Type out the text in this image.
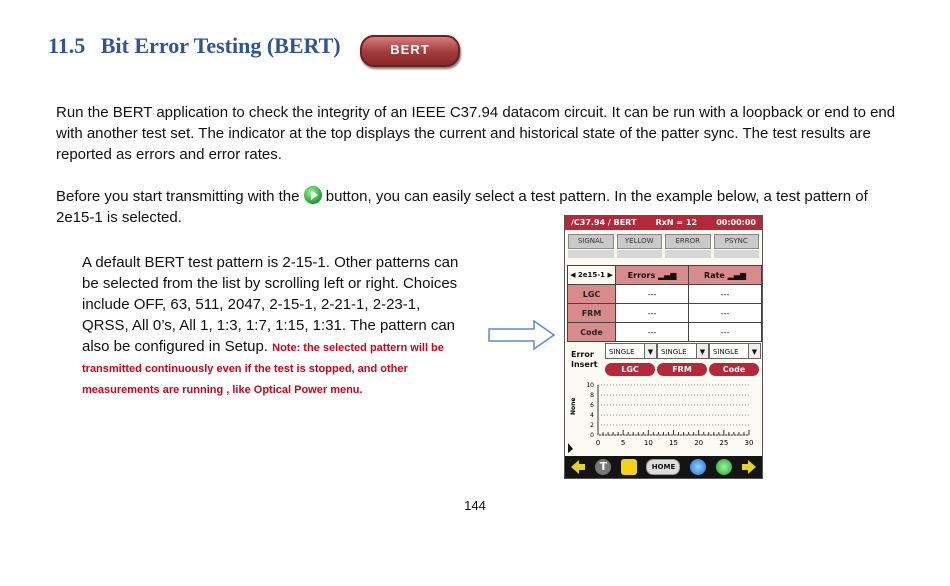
11.5 Bit Error Testing (BERT)	BERT
Run the BERT application to check the integrity of an IEEE C37.94 datacom circuit. It can be run with a loopback or end to end with another test set. The indicator at the top displays the current and historical state of the patter sync. The test results are reported as errors and error rates.
Before you start transmitting with the button, you can easily select a test pattern. In the example below, a test pattern of 2e15-1 is selected.
A default BERT test pattern is 2-15-1. Other patterns can be selected from the list by scrolling left or right. Choices include OFF, 63, 511, 2047, 2-15-1, 2-21-1, 2-23-1, QRSS, All 0’s, All 1, 1:3, 1:7, 1:15, 1:31. The pattern can also be configured in Setup. Note: the selected pattern will be transmitted continuously even if the test is stopped, and other measurements are running , like Optical Power menu.
/C37.94 / BERT RxN = 12 00:00:00
SIGNAL	YELLOW	ERROR	PSYNC
◀ 2e15-1 ▶	Errors ▂▄▆	Rate ▂▄▆
LGC	---	---
FRM	---	---
Code	---	---
Error
Insert
SINGLE	▼	SINGLE	▼	SINGLE	▼
LGC	FRM	Code
None
10
8
6
4
2
0
0	5	10 15 20 25 30
T	HOME
144
